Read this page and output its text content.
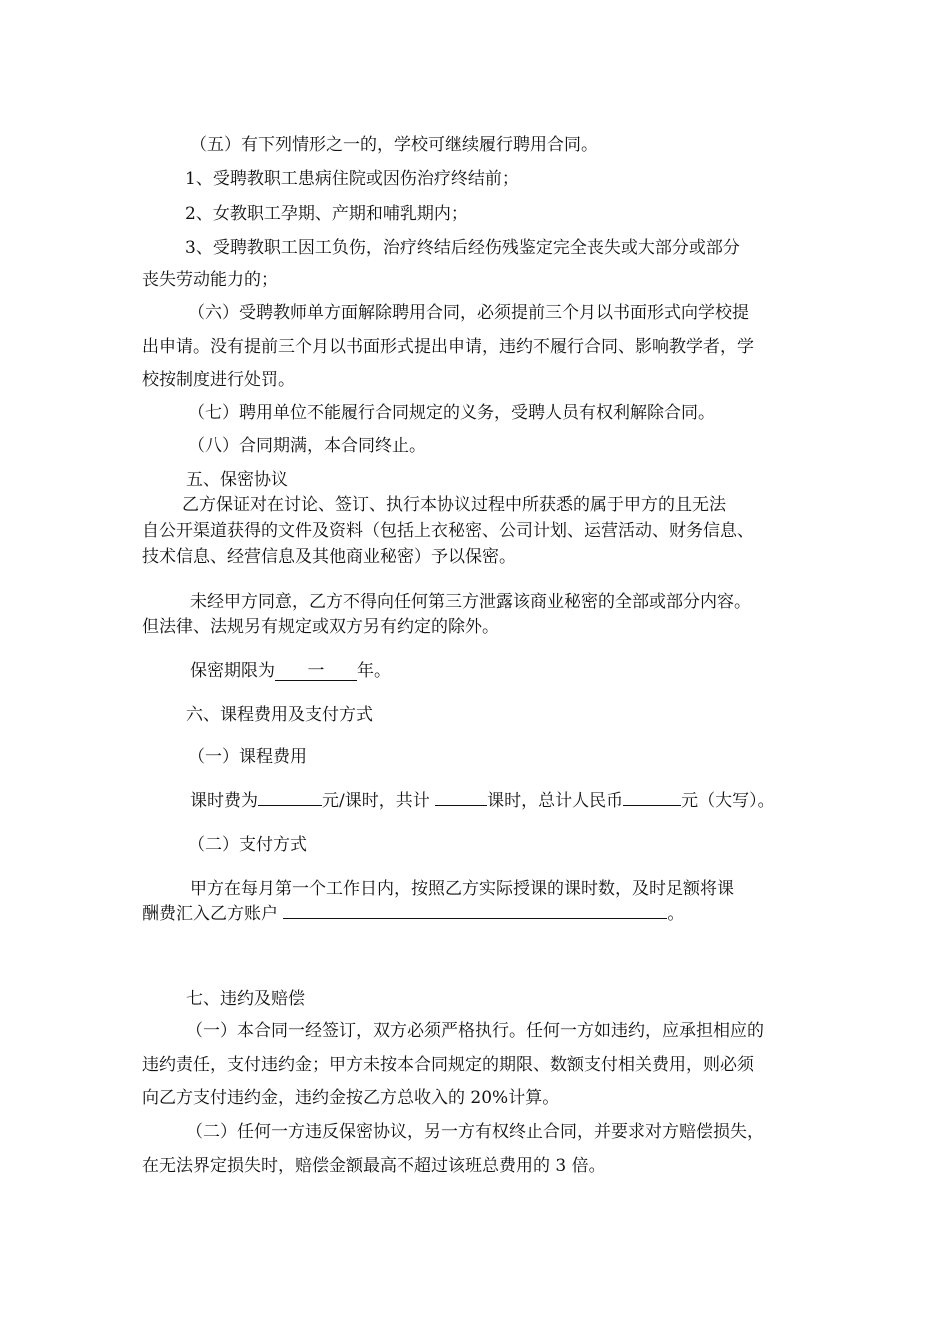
（五）有下列情形之一的，学校可继续履行聘用合同。
1、受聘教职工患病住院或因伤治疗终结前；
2、女教职工孕期、产期和哺乳期内；
3、受聘教职工因工负伤，治疗终结后经伤残鉴定完全丧失或大部分或部分
丧失劳动能力的；
（六）受聘教师单方面解除聘用合同，必须提前三个月以书面形式向学校提
出申请。没有提前三个月以书面形式提出申请，违约不履行合同、影响教学者，学
校按制度进行处罚。
（七）聘用单位不能履行合同规定的义务，受聘人员有权利解除合同。
（八）合同期满，本合同终止。
五、保密协议
乙方保证对在讨论、签订、执行本协议过程中所获悉的属于甲方的且无法
自公开渠道获得的文件及资料（包括上衣秘密、公司计划、运营活动、财务信息、
技术信息、经营信息及其他商业秘密）予以保密。
未经甲方同意，乙方不得向任何第三方泄露该商业秘密的全部或部分内容。
但法律、法规另有规定或双方另有约定的除外。
保密期限为 一 年。
六、课程费用及支付方式
（一）课程费用
课时费为	元/课时，共计	课时，总计人民币	元（大写）。
（二）支付方式
甲方在每月第一个工作日内，按照乙方实际授课的课时数，及时足额将课
酬费汇入乙方账户	。
七、违约及赔偿
（一）本合同一经签订，双方必须严格执行。任何一方如违约，应承担相应的
违约责任，支付违约金；甲方未按本合同规定的期限、数额支付相关费用，则必须
向乙方支付违约金，违约金按乙方总收入的 20%计算。
（二）任何一方违反保密协议，另一方有权终止合同，并要求对方赔偿损失，
在无法界定损失时，赔偿金额最高不超过该班总费用的 3 倍。
